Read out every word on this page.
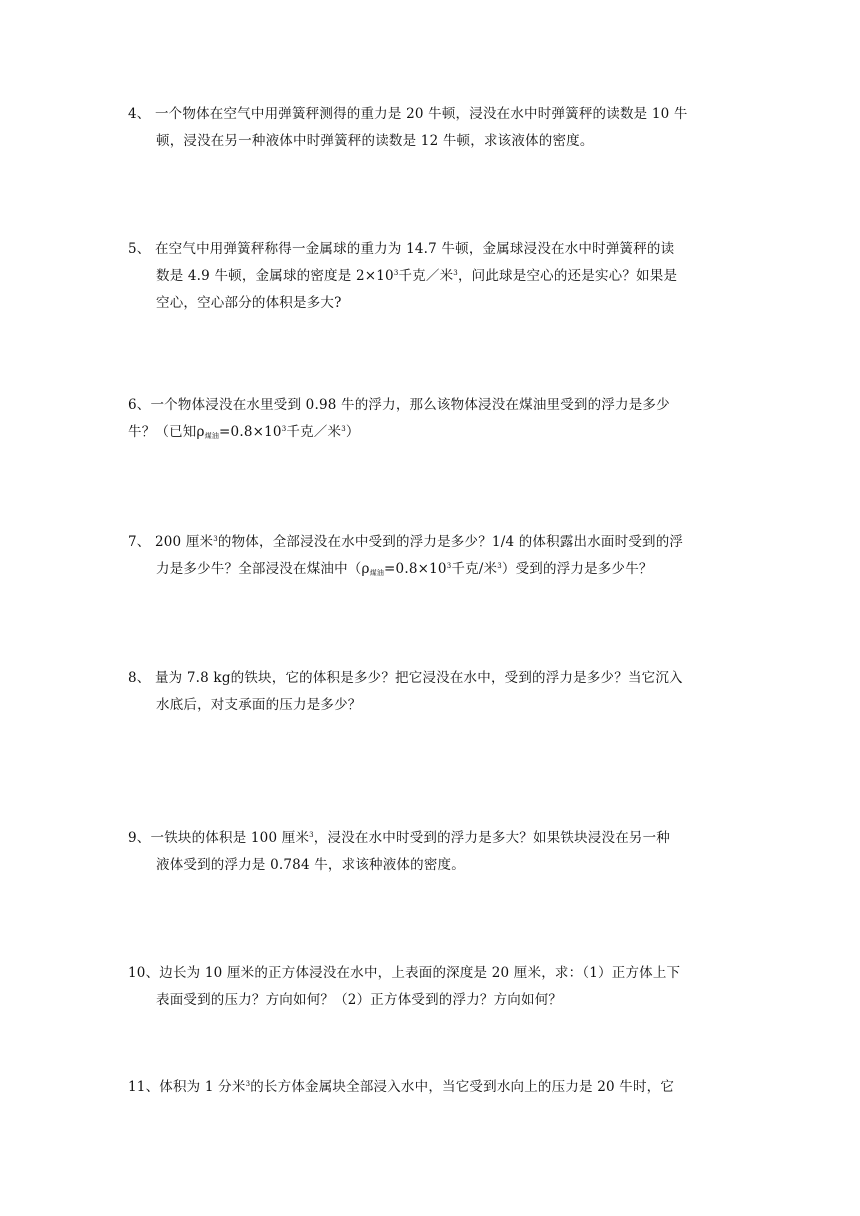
4、 一个物体在空气中用弹簧秤测得的重力是 20 牛顿，浸没在水中时弹簧秤的读数是 10 牛
顿，浸没在另一种液体中时弹簧秤的读数是 12 牛顿，求该液体的密度。
5、 在空气中用弹簧秤称得一金属球的重力为 14.7 牛顿，金属球浸没在水中时弹簧秤的读
数是 4.9 牛顿，金属球的密度是 $2\times 10^3$千克／米$^3$，问此球是空心的还是实心？如果是
空心，空心部分的体积是多大?
6、一个物体浸没在水里受到 0.98 牛的浮力，那么该物体浸没在煤油里受到的浮力是多少
牛？（已知$\rho_{煤油}=0.8\times 10^3$千克／米$^3$）
7、 200 厘米$^3$的物体，全部浸没在水中受到的浮力是多少？1/4 的体积露出水面时受到的浮
力是多少牛？全部浸没在煤油中（$\rho_{煤油}=0.8\times 10^3$千克/米$^3$）受到的浮力是多少牛？
8、 量为 7.8 kg的铁块，它的体积是多少？把它浸没在水中，受到的浮力是多少？当它沉入
水底后，对支承面的压力是多少？
9、一铁块的体积是 100 厘米$^3$，浸没在水中时受到的浮力是多大？如果铁块浸没在另一种
液体受到的浮力是 0.784 牛，求该种液体的密度。
10、边长为 10 厘米的正方体浸没在水中，上表面的深度是 20 厘米，求：（1）正方体上下
表面受到的压力？方向如何？（2）正方体受到的浮力？方向如何？
11、体积为 1 分米$^3$的长方体金属块全部浸入水中，当它受到水向上的压力是 20 牛时，它
